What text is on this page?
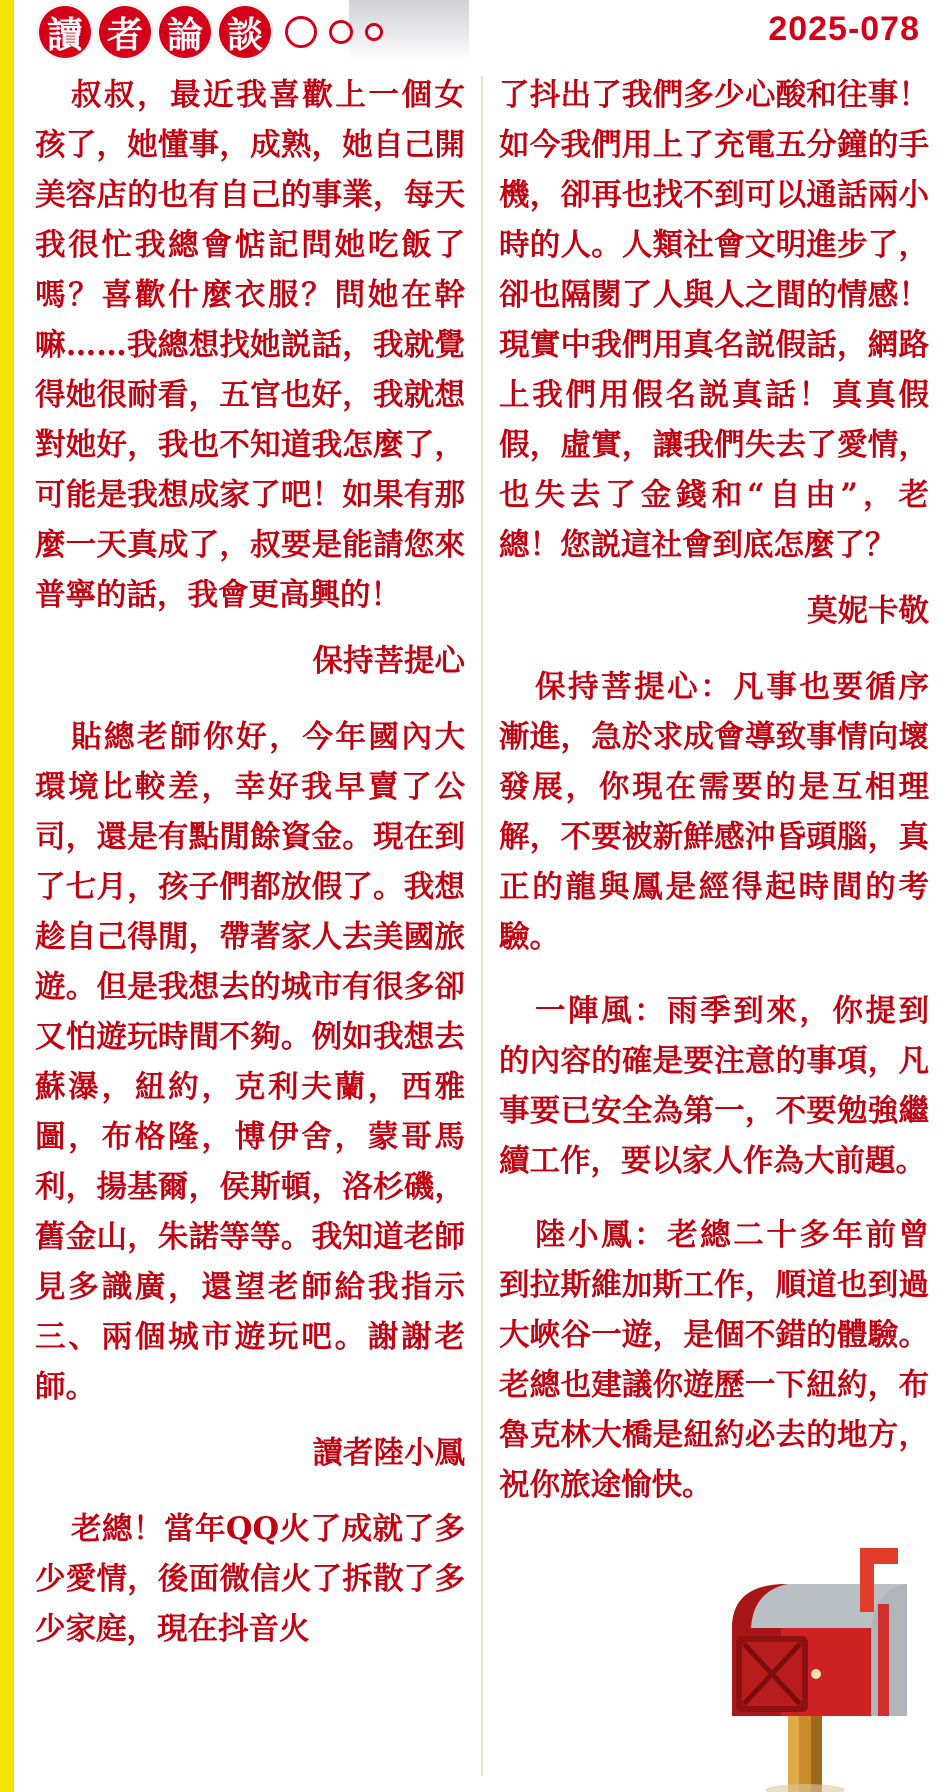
讀 者 論 談	2025-078

叔叔，最近我喜歡上一個女孩了，她懂事，成熟，她自己開美容店的也有自己的事業，每天我很忙我總會惦記問她吃飯了嗎？喜歡什麼衣服？問她在幹嘛……我總想找她説話，我就覺得她很耐看，五官也好，我就想對她好，我也不知道我怎麼了，可能是我想成家了吧！如果有那麼一天真成了，叔要是能請您來普寧的話，我會更高興的！

保持菩提心

貼總老師你好，今年國內大環境比較差，幸好我早賣了公司，還是有點閒餘資金。現在到了七月，孩子們都放假了。我想趁自己得閒，帶著家人去美國旅遊。但是我想去的城市有很多卻又怕遊玩時間不夠。例如我想去蘇瀑，紐約，克利夫蘭，西雅圖，布格隆，博伊舍，蒙哥馬利，揚基爾，侯斯頓，洛杉磯，舊金山，朱諾等等。我知道老師見多識廣，還望老師給我指示三、兩個城市遊玩吧。謝謝老師。

讀者陸小鳳

老總！當年QQ火了成就了多少愛情，後面微信火了拆散了多少家庭，現在抖音火

了抖出了我們多少心酸和往事！如今我們用上了充電五分鐘的手機，卻再也找不到可以通話兩小時的人。人類社會文明進步了，卻也隔閡了人與人之間的情感！現實中我們用真名説假話，網路上我們用假名説真話！真真假假，虛實，讓我們失去了愛情，也失去了金錢和“自由”，老總！您説這社會到底怎麼了？

莫妮卡敬

保持菩提心：凡事也要循序漸進，急於求成會導致事情向壞發展，你現在需要的是互相理解，不要被新鮮感沖昏頭腦，真正的龍與鳳是經得起時間的考驗。

一陣風：雨季到來，你提到的內容的確是要注意的事項，凡事要已安全為第一，不要勉強繼續工作，要以家人作為大前題。

陸小鳳：老總二十多年前曾到拉斯維加斯工作，順道也到過大峽谷一遊，是個不錯的體驗。老總也建議你遊歷一下紐約，布魯克林大橋是紐約必去的地方，祝你旅途愉快。
